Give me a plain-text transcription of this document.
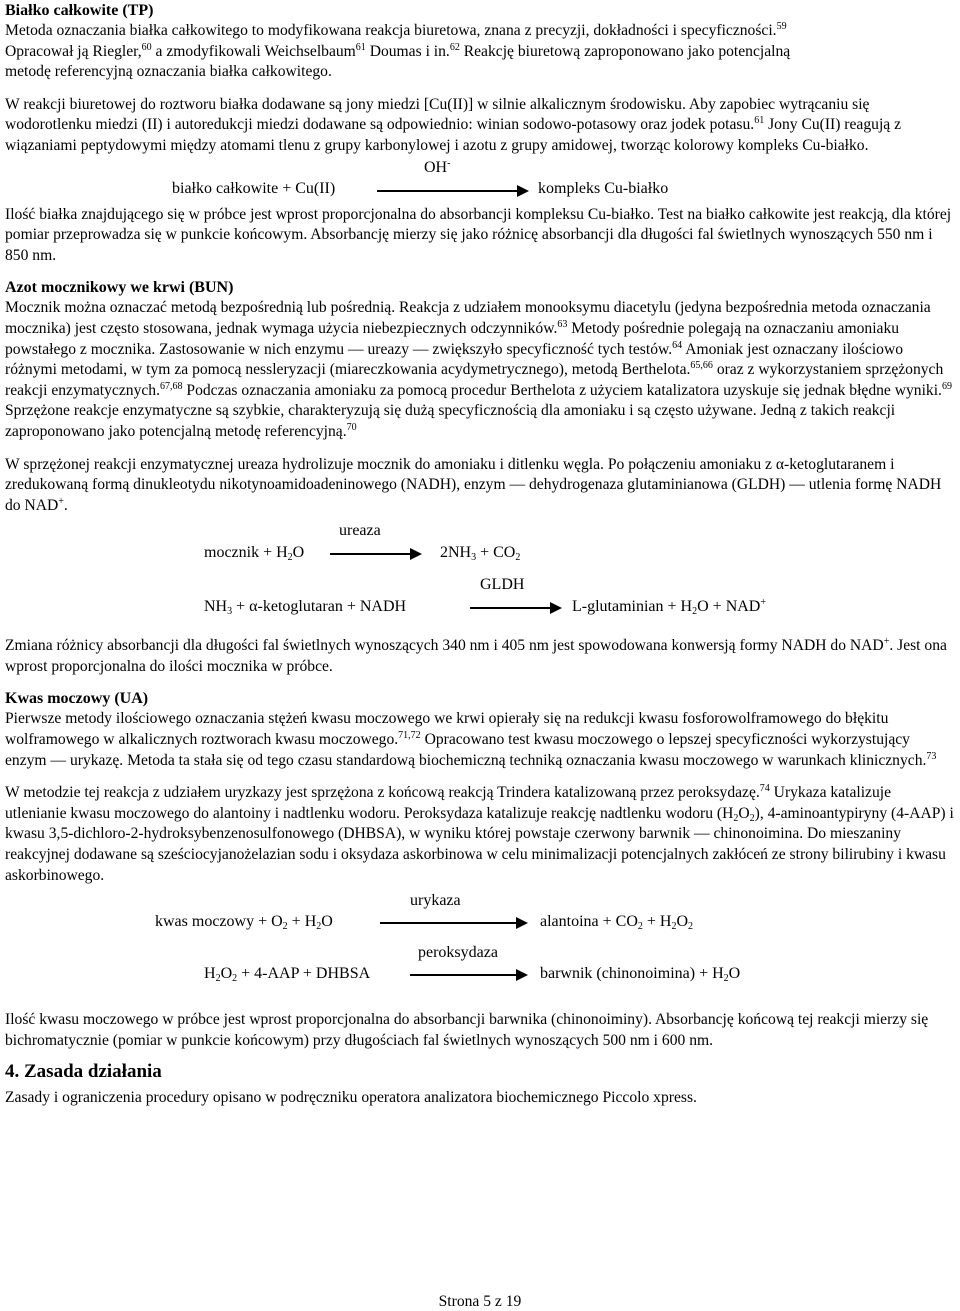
Białko całkowite (TP)

Metoda oznaczania białka całkowitego to modyfikowana reakcja biuretowa, znana z precyzji, dokładności i specyficzności.$^{59}$
Opracował ją Riegler,$^{60}$ a zmodyfikowali Weichselbaum$^{61}$ Doumas i in.$^{62}$ Reakcję biuretową zaproponowano jako potencjalną
metodę referencyjną oznaczania białka całkowitego.

W reakcji biuretowej do roztworu białka dodawane są jony miedzi [Cu(II)] w silnie alkalicznym środowisku. Aby zapobiec wytrącaniu się wodorotlenku miedzi (II) i autoredukcji miedzi dodawane są odpowiednio: winian sodowo-potasowy oraz jodek potasu.$^{61}$ Jony Cu(II) reagują z wiązaniami peptydowymi między atomami tlenu z grupy karbonylowej i azotu z grupy amidowej, tworząc kolorowy kompleks Cu-białko.

OH-
białko całkowite + Cu(II)	kompleks Cu-białko

Ilość białka znajdującego się w próbce jest wprost proporcjonalna do absorbancji kompleksu Cu-białko. Test na białko całkowite jest reakcją, dla której pomiar przeprowadza się w punkcie końcowym. Absorbancję mierzy się jako różnicę absorbancji dla długości fal świetlnych wynoszących 550 nm i 850 nm.

Azot mocznikowy we krwi (BUN)

Mocznik można oznaczać metodą bezpośrednią lub pośrednią. Reakcja z udziałem monooksymu diacetylu (jedyna bezpośrednia metoda oznaczania mocznika) jest często stosowana, jednak wymaga użycia niebezpiecznych odczynników.$^{63}$ Metody pośrednie polegają na oznaczaniu amoniaku powstałego z mocznika. Zastosowanie w nich enzymu — ureazy — zwiększyło specyficzność tych testów.$^{64}$ Amoniak jest oznaczany ilościowo różnymi metodami, w tym za pomocą nessleryzacji (miareczkowania acydymetrycznego), metodą Berthelota.$^{65,66}$ oraz z wykorzystaniem sprzężonych reakcji enzymatycznych.$^{67,68}$ Podczas oznaczania amoniaku za pomocą procedur Berthelota z użyciem katalizatora uzyskuje się jednak błędne wyniki.$^{69}$ Sprzężone reakcje enzymatyczne są szybkie, charakteryzują się dużą specyficznością dla amoniaku i są często używane. Jedną z takich reakcji zaproponowano jako potencjalną metodę referencyjną.$^{70}$

W sprzężonej reakcji enzymatycznej ureaza hydrolizuje mocznik do amoniaku i ditlenku węgla. Po połączeniu amoniaku z α-ketoglutaranem i zredukowaną formą dinukleotydu nikotynoamidoadeninowego (NADH), enzym — dehydrogenaza glutaminianowa (GLDH) — utlenia formę NADH do NAD+.

ureaza
mocznik + $H_2O$	$2NH_3 + CO_2$
GLDH
$NH_3$ + α-ketoglutaran + NADH	L-glutaminian + $H_2O + NAD^+$

Zmiana różnicy absorbancji dla długości fal świetlnych wynoszących 340 nm i 405 nm jest spowodowana konwersją formy NADH do NAD+. Jest ona wprost proporcjonalna do ilości mocznika w próbce.

Kwas moczowy (UA)

Pierwsze metody ilościowego oznaczania stężeń kwasu moczowego we krwi opierały się na redukcji kwasu fosforowolframowego do błękitu wolframowego w alkalicznych roztworach kwasu moczowego.$^{71,72}$ Opracowano test kwasu moczowego o lepszej specyficzności wykorzystujący enzym — urykazę. Metoda ta stała się od tego czasu standardową biochemiczną techniką oznaczania kwasu moczowego w warunkach klinicznych.$^{73}$

W metodzie tej reakcja z udziałem uryzkazy jest sprzężona z końcową reakcją Trindera katalizowaną przez peroksydazę.$^{74}$ Urykaza katalizuje utlenianie kwasu moczowego do alantoiny i nadtlenku wodoru. Peroksydaza katalizuje reakcję nadtlenku wodoru $(H_2O_2)$, 4-aminoantypiryny (4-AAP) i kwasu 3,5-dichloro-2-hydroksybenzenosulfonowego (DHBSA), w wyniku której powstaje czerwony barwnik — chinonoimina. Do mieszaniny reakcyjnej dodawane są sześciocyjanożelazian sodu i oksydaza askorbinowa w celu minimalizacji potencjalnych zakłóceń ze strony bilirubiny i kwasu askorbinowego.

urykaza
kwas moczowy + $O_2 + H_2O$	alantoina + $CO_2 + H_2O_2$
peroksydaza
$H_2O_2 + 4-AAP$ + DHBSA	barwnik (chinonoimina) + $H_2O$

Ilość kwasu moczowego w próbce jest wprost proporcjonalna do absorbancji barwnika (chinonoiminy). Absorbancję końcową tej reakcji mierzy się bichromatycznie (pomiar w punkcie końcowym) przy długościach fal świetlnych wynoszących 500 nm i 600 nm.

4. Zasada działania

Zasady i ograniczenia procedury opisano w podręczniku operatora analizatora biochemicznego Piccolo xpress.

Strona 5 z 19
